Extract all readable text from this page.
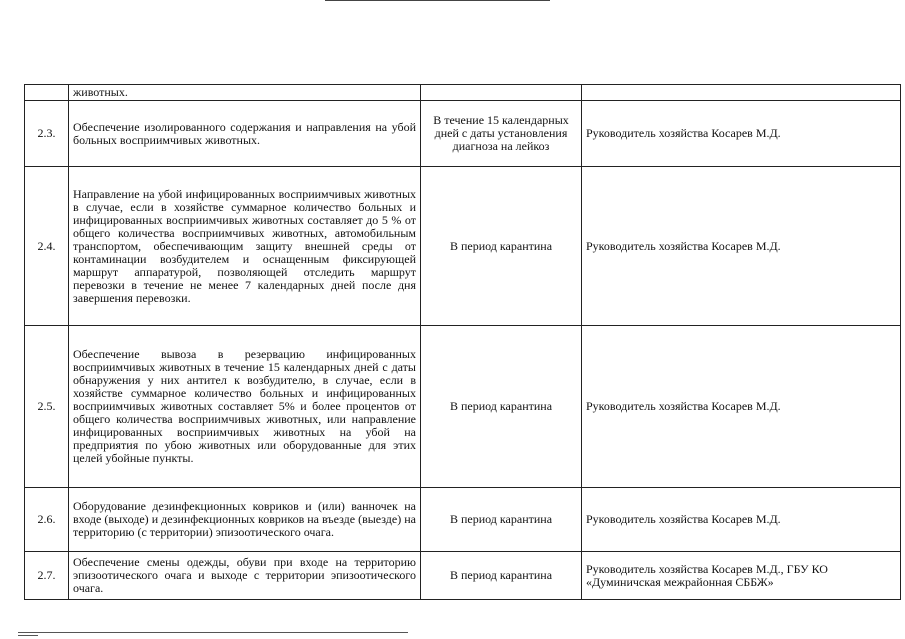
	животных.		
2.3.	Обеспечение изолированного содержания и направления на убой больных восприимчивых животных.	В течение 15 календарных дней с даты установления диагноза на лейкоз	Руководитель хозяйства Косарев М.Д.
2.4.	Направление на убой инфицированных восприимчивых животных в случае, если в хозяйстве суммарное количество больных и инфицированных восприимчивых животных составляет до 5 % от общего количества восприимчивых животных, автомобильным транспортом, обеспечивающим защиту внешней среды от контаминации возбудителем и оснащенным фиксирующей маршрут аппаратурой, позволяющей отследить маршрут перевозки в течение не менее 7 календарных дней после дня завершения перевозки.	В период карантина	Руководитель хозяйства Косарев М.Д.
2.5.	Обеспечение вывоза в резервацию инфицированных восприимчивых животных в течение 15 календарных дней с даты обнаружения у них антител к возбудителю, в случае, если в хозяйстве суммарное количество больных и инфицированных восприимчивых животных составляет 5% и более процентов от общего количества восприимчивых животных, или направление инфицированных восприимчивых животных на убой на предприятия по убою животных или оборудованные для этих целей убойные пункты.	В период карантина	Руководитель хозяйства Косарев М.Д.
2.6.	Оборудование дезинфекционных ковриков и (или) ванночек на входе (выходе) и дезинфекционных ковриков на въезде (выезде) на территорию (с территории) эпизоотического очага.	В период карантина	Руководитель хозяйства Косарев М.Д.
2.7.	Обеспечение смены одежды, обуви при входе на территорию эпизоотического очага и выходе с территории эпизоотического очага.	В период карантина	Руководитель хозяйства Косарев М.Д., ГБУ КО «Думиничская межрайонная СББЖ»
